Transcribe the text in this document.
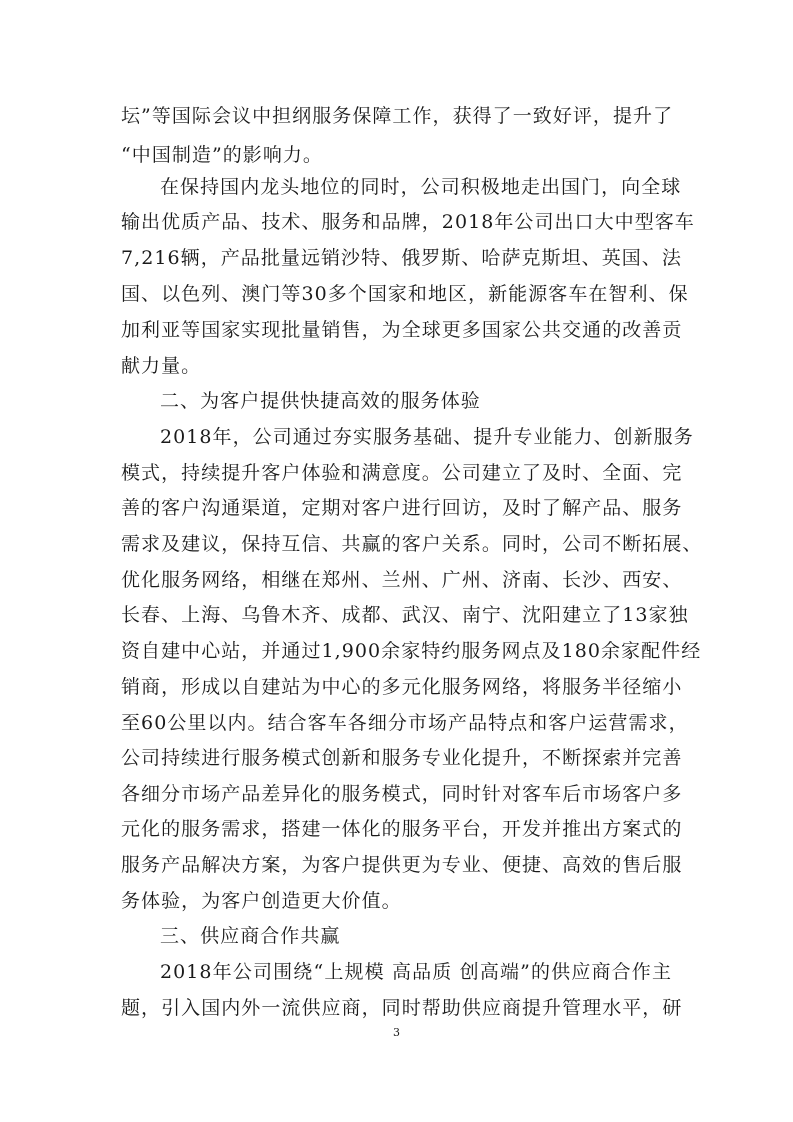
坛”等国际会议中担纲服务保障工作，获得了一致好评，提升了
“中国制造”的影响力。
在保持国内龙头地位的同时，公司积极地走出国门，向全球
输出优质产品、技术、服务和品牌，2018年公司出口大中型客车
7,216辆，产品批量远销沙特、俄罗斯、哈萨克斯坦、英国、法
国、以色列、澳门等30多个国家和地区，新能源客车在智利、保
加利亚等国家实现批量销售，为全球更多国家公共交通的改善贡
献力量。
二、为客户提供快捷高效的服务体验
2018年，公司通过夯实服务基础、提升专业能力、创新服务
模式，持续提升客户体验和满意度。公司建立了及时、全面、完
善的客户沟通渠道，定期对客户进行回访，及时了解产品、服务
需求及建议，保持互信、共赢的客户关系。同时，公司不断拓展、
优化服务网络，相继在郑州、兰州、广州、济南、长沙、西安、
长春、上海、乌鲁木齐、成都、武汉、南宁、沈阳建立了13家独
资自建中心站，并通过1,900余家特约服务网点及180余家配件经
销商，形成以自建站为中心的多元化服务网络，将服务半径缩小
至60公里以内。结合客车各细分市场产品特点和客户运营需求，
公司持续进行服务模式创新和服务专业化提升，不断探索并完善
各细分市场产品差异化的服务模式，同时针对客车后市场客户多
元化的服务需求，搭建一体化的服务平台，开发并推出方案式的
服务产品解决方案，为客户提供更为专业、便捷、高效的售后服
务体验，为客户创造更大价值。
三、供应商合作共赢
2018年公司围绕“上规模 高品质 创高端”的供应商合作主
题，引入国内外一流供应商，同时帮助供应商提升管理水平，研
3
